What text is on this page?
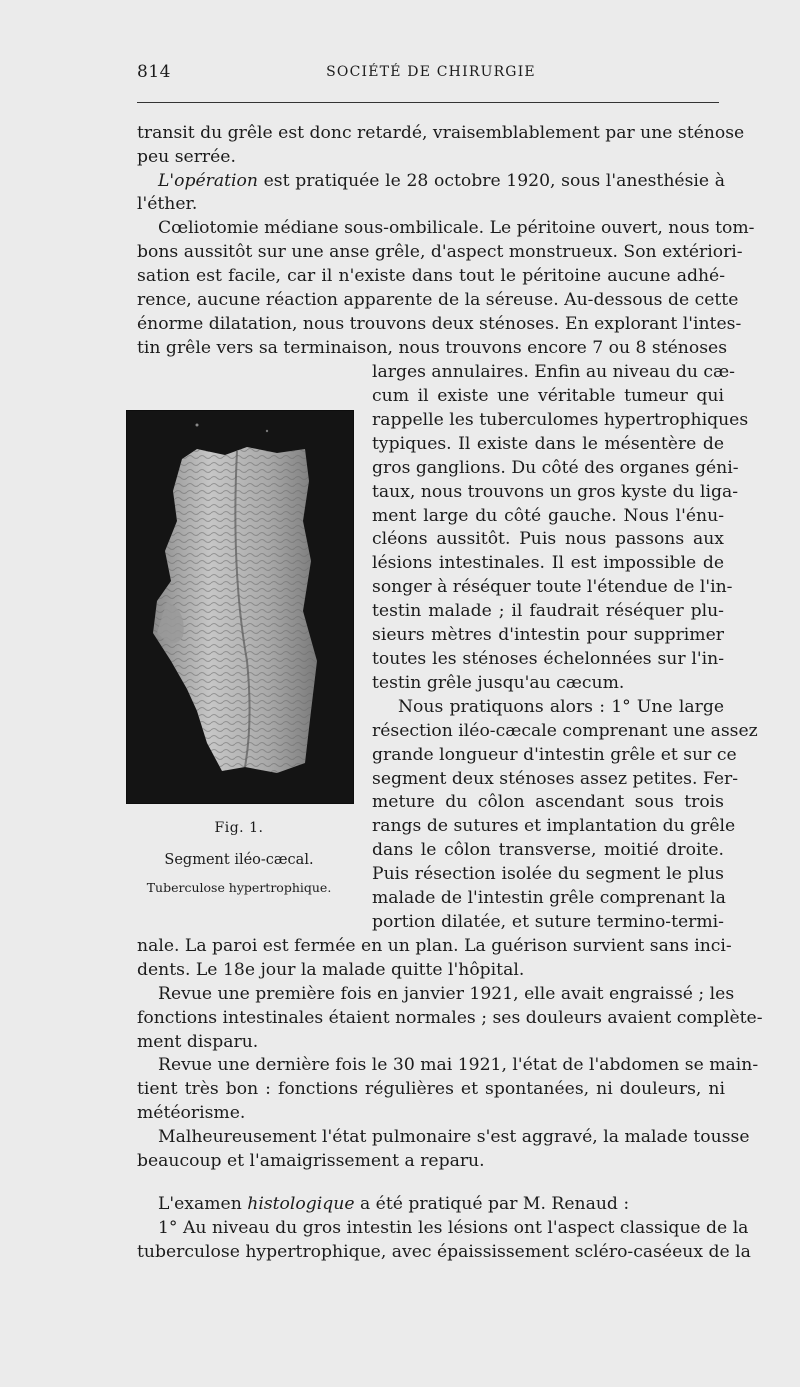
814	SOCIÉTÉ DE CHIRURGIE
transit du grêle est donc retardé, vraisemblablement par une sténose
peu serrée.
L'opération est pratiquée le 28 octobre 1920, sous l'anesthésie à
l'éther.
Cœliotomie médiane sous-ombilicale. Le péritoine ouvert, nous tom-
bons aussitôt sur une anse grêle, d'aspect monstrueux. Son extériori-
sation est facile, car il n'existe dans tout le péritoine aucune adhé-
rence, aucune réaction apparente de la séreuse. Au-dessous de cette
énorme dilatation, nous trouvons deux sténoses. En explorant l'intes-
tin grêle vers sa terminaison, nous trouvons encore 7 ou 8 sténoses
larges annulaires. Enfin au niveau du cæ-
cum il existe une véritable tumeur qui
rappelle les tuberculomes hypertrophiques
typiques. Il existe dans le mésentère de
gros ganglions. Du côté des organes géni-
taux, nous trouvons un gros kyste du liga-
ment large du côté gauche. Nous l'énu-
cléons aussitôt. Puis nous passons aux
lésions intestinales. Il est impossible de
songer à réséquer toute l'étendue de l'in-
testin malade ; il faudrait réséquer plu-
sieurs mètres d'intestin pour supprimer
toutes les sténoses échelonnées sur l'in-
testin grêle jusqu'au cæcum.
Nous pratiquons alors : 1° Une large
résection iléo-cæcale comprenant une assez
grande longueur d'intestin grêle et sur ce
segment deux sténoses assez petites. Fer-
meture du côlon ascendant sous trois
rangs de sutures et implantation du grêle
dans le côlon transverse, moitié droite.
Puis résection isolée du segment le plus
malade de l'intestin grêle comprenant la
portion dilatée, et suture termino-termi-
nale. La paroi est fermée en un plan. La guérison survient sans inci-
dents. Le 18e jour la malade quitte l'hôpital.
Revue une première fois en janvier 1921, elle avait engraissé ; les
fonctions intestinales étaient normales ; ses douleurs avaient complète-
ment disparu.
Revue une dernière fois le 30 mai 1921, l'état de l'abdomen se main-
tient très bon : fonctions régulières et spontanées, ni douleurs, ni
météorisme.
Malheureusement l'état pulmonaire s'est aggravé, la malade tousse
beaucoup et l'amaigrissement a reparu.
L'examen histologique a été pratiqué par M. Renaud :
1° Au niveau du gros intestin les lésions ont l'aspect classique de la
tuberculose hypertrophique, avec épaississement scléro-caséeux de la
Fig. 1.
Segment iléo-cæcal.
Tuberculose hypertrophique.
